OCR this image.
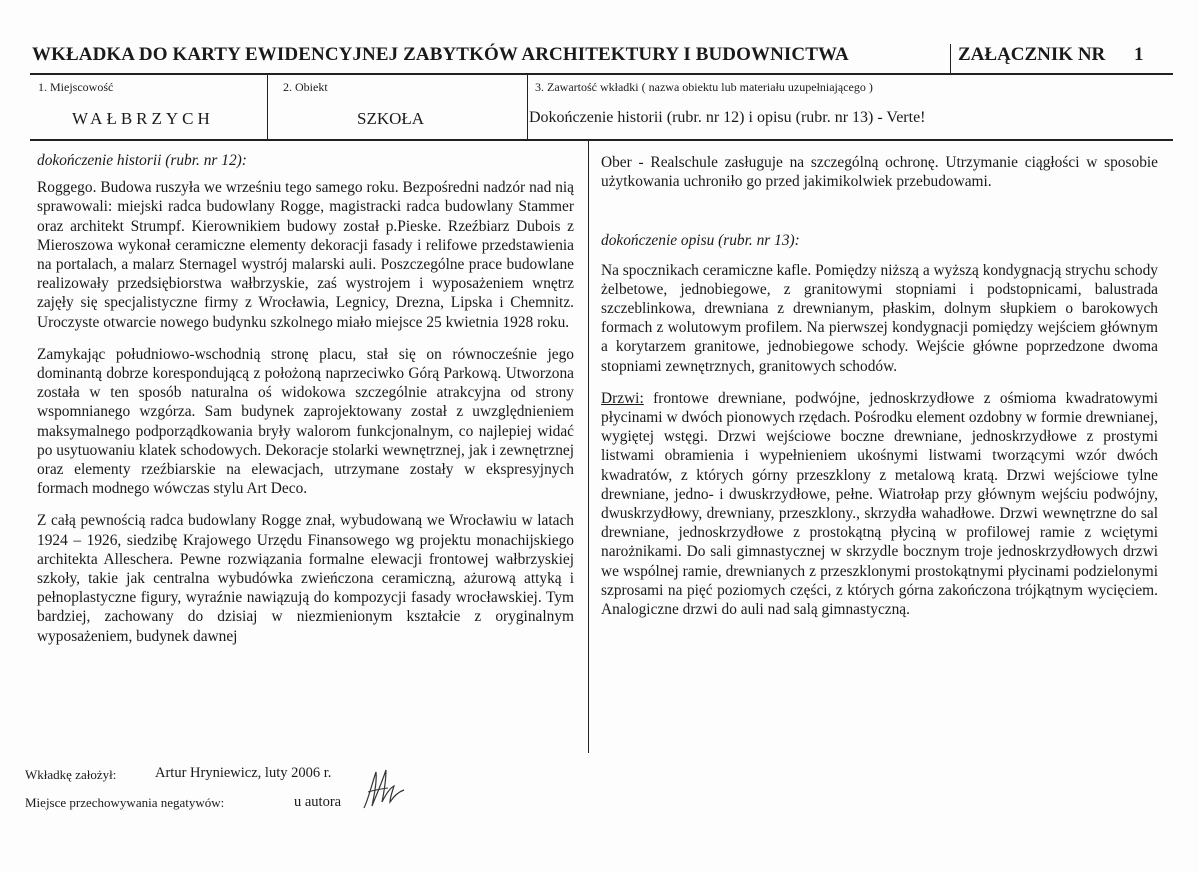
WKŁADKA DO KARTY EWIDENCYJNEJ ZABYTKÓW ARCHITEKTURY I BUDOWNICTWA	ZAŁĄCZNIK NR 1
1. Miejscowość
WAŁBRZYCH
2. Obiekt
SZKOŁA
3. Zawartość wkładki ( nazwa obiektu lub materiału uzupełniającego )
Dokończenie historii (rubr. nr 12) i opisu (rubr. nr 13) - Verte!

dokończenie historii (rubr. nr 12):

Roggego. Budowa ruszyła we wrześniu tego samego roku. Bezpośredni nadzór nad nią sprawowali: miejski radca budowlany Rogge, magistracki radca budowlany Stammer oraz architekt Strumpf. Kierownikiem budowy został p.Pieske. Rzeźbiarz Dubois z Mieroszowa wykonał ceramiczne elementy dekoracji fasady i relifowe przedstawienia na portalach, a malarz Sternagel wystrój malarski auli. Poszczególne prace budowlane realizowały przedsiębiorstwa wałbrzyskie, zaś wystrojem i wyposażeniem wnętrz zajęły się specjalistyczne firmy z Wrocławia, Legnicy, Drezna, Lipska i Chemnitz. Uroczyste otwarcie nowego budynku szkolnego miało miejsce 25 kwietnia 1928 roku.

Zamykając południowo-wschodnią stronę placu, stał się on równocześnie jego dominantą dobrze korespondującą z położoną naprzeciwko Górą Parkową. Utworzona została w ten sposób naturalna oś widokowa szczególnie atrakcyjna od strony wspomnianego wzgórza. Sam budynek zaprojektowany został z uwzględnieniem maksymalnego podporządkowania bryły walorom funkcjonalnym, co najlepiej widać po usytuowaniu klatek schodowych. Dekoracje stolarki wewnętrznej, jak i zewnętrznej oraz elementy rzeźbiarskie na elewacjach, utrzymane zostały w ekspresyjnych formach modnego wówczas stylu Art Deco.

Z całą pewnością radca budowlany Rogge znał, wybudowaną we Wrocławiu w latach 1924 – 1926, siedzibę Krajowego Urzędu Finansowego wg projektu monachijskiego architekta Alleschera. Pewne rozwiązania formalne elewacji frontowej wałbrzyskiej szkoły, takie jak centralna wybudówka zwieńczona ceramiczną, ażurową attyką i pełnoplastyczne figury, wyraźnie nawiązują do kompozycji fasady wrocławskiej. Tym bardziej, zachowany do dzisiaj w niezmienionym kształcie z oryginalnym wyposażeniem, budynek dawnej

Ober - Realschule zasługuje na szczególną ochronę. Utrzymanie ciągłości w sposobie użytkowania uchroniło go przed jakimikolwiek przebudowami.

dokończenie opisu (rubr. nr 13):

Na spocznikach ceramiczne kafle. Pomiędzy niższą a wyższą kondygnacją strychu schody żelbetowe, jednobiegowe, z granitowymi stopniami i podstopnicami, balustrada szczeblinkowa, drewniana z drewnianym, płaskim, dolnym słupkiem o barokowych formach z wolutowym profilem. Na pierwszej kondygnacji pomiędzy wejściem głównym a korytarzem granitowe, jednobiegowe schody. Wejście główne poprzedzone dwoma stopniami zewnętrznych, granitowych schodów.

Drzwi: frontowe drewniane, podwójne, jednoskrzydłowe z ośmioma kwadratowymi płycinami w dwóch pionowych rzędach. Pośrodku element ozdobny w formie drewnianej, wygiętej wstęgi. Drzwi wejściowe boczne drewniane, jednoskrzydłowe z prostymi listwami obramienia i wypełnieniem ukośnymi listwami tworzącymi wzór dwóch kwadratów, z których górny przeszklony z metalową kratą. Drzwi wejściowe tylne drewniane, jedno- i dwuskrzydłowe, pełne. Wiatrołap przy głównym wejściu podwójny, dwuskrzydłowy, drewniany, przeszklony., skrzydła wahadłowe. Drzwi wewnętrzne do sal drewniane, jednoskrzydłowe z prostokątną płyciną w profilowej ramie z wciętymi narożnikami. Do sali gimnastycznej w skrzydle bocznym troje jednoskrzydłowych drzwi we wspólnej ramie, drewnianych z przeszklonymi prostokątnymi płycinami podzielonymi szprosami na pięć poziomych części, z których górna zakończona trójkątnym wycięciem. Analogiczne drzwi do auli nad salą gimnastyczną.

Wkładkę założył:	Artur Hryniewicz, luty 2006 r.
Miejsce przechowywania negatywów:	u autora
